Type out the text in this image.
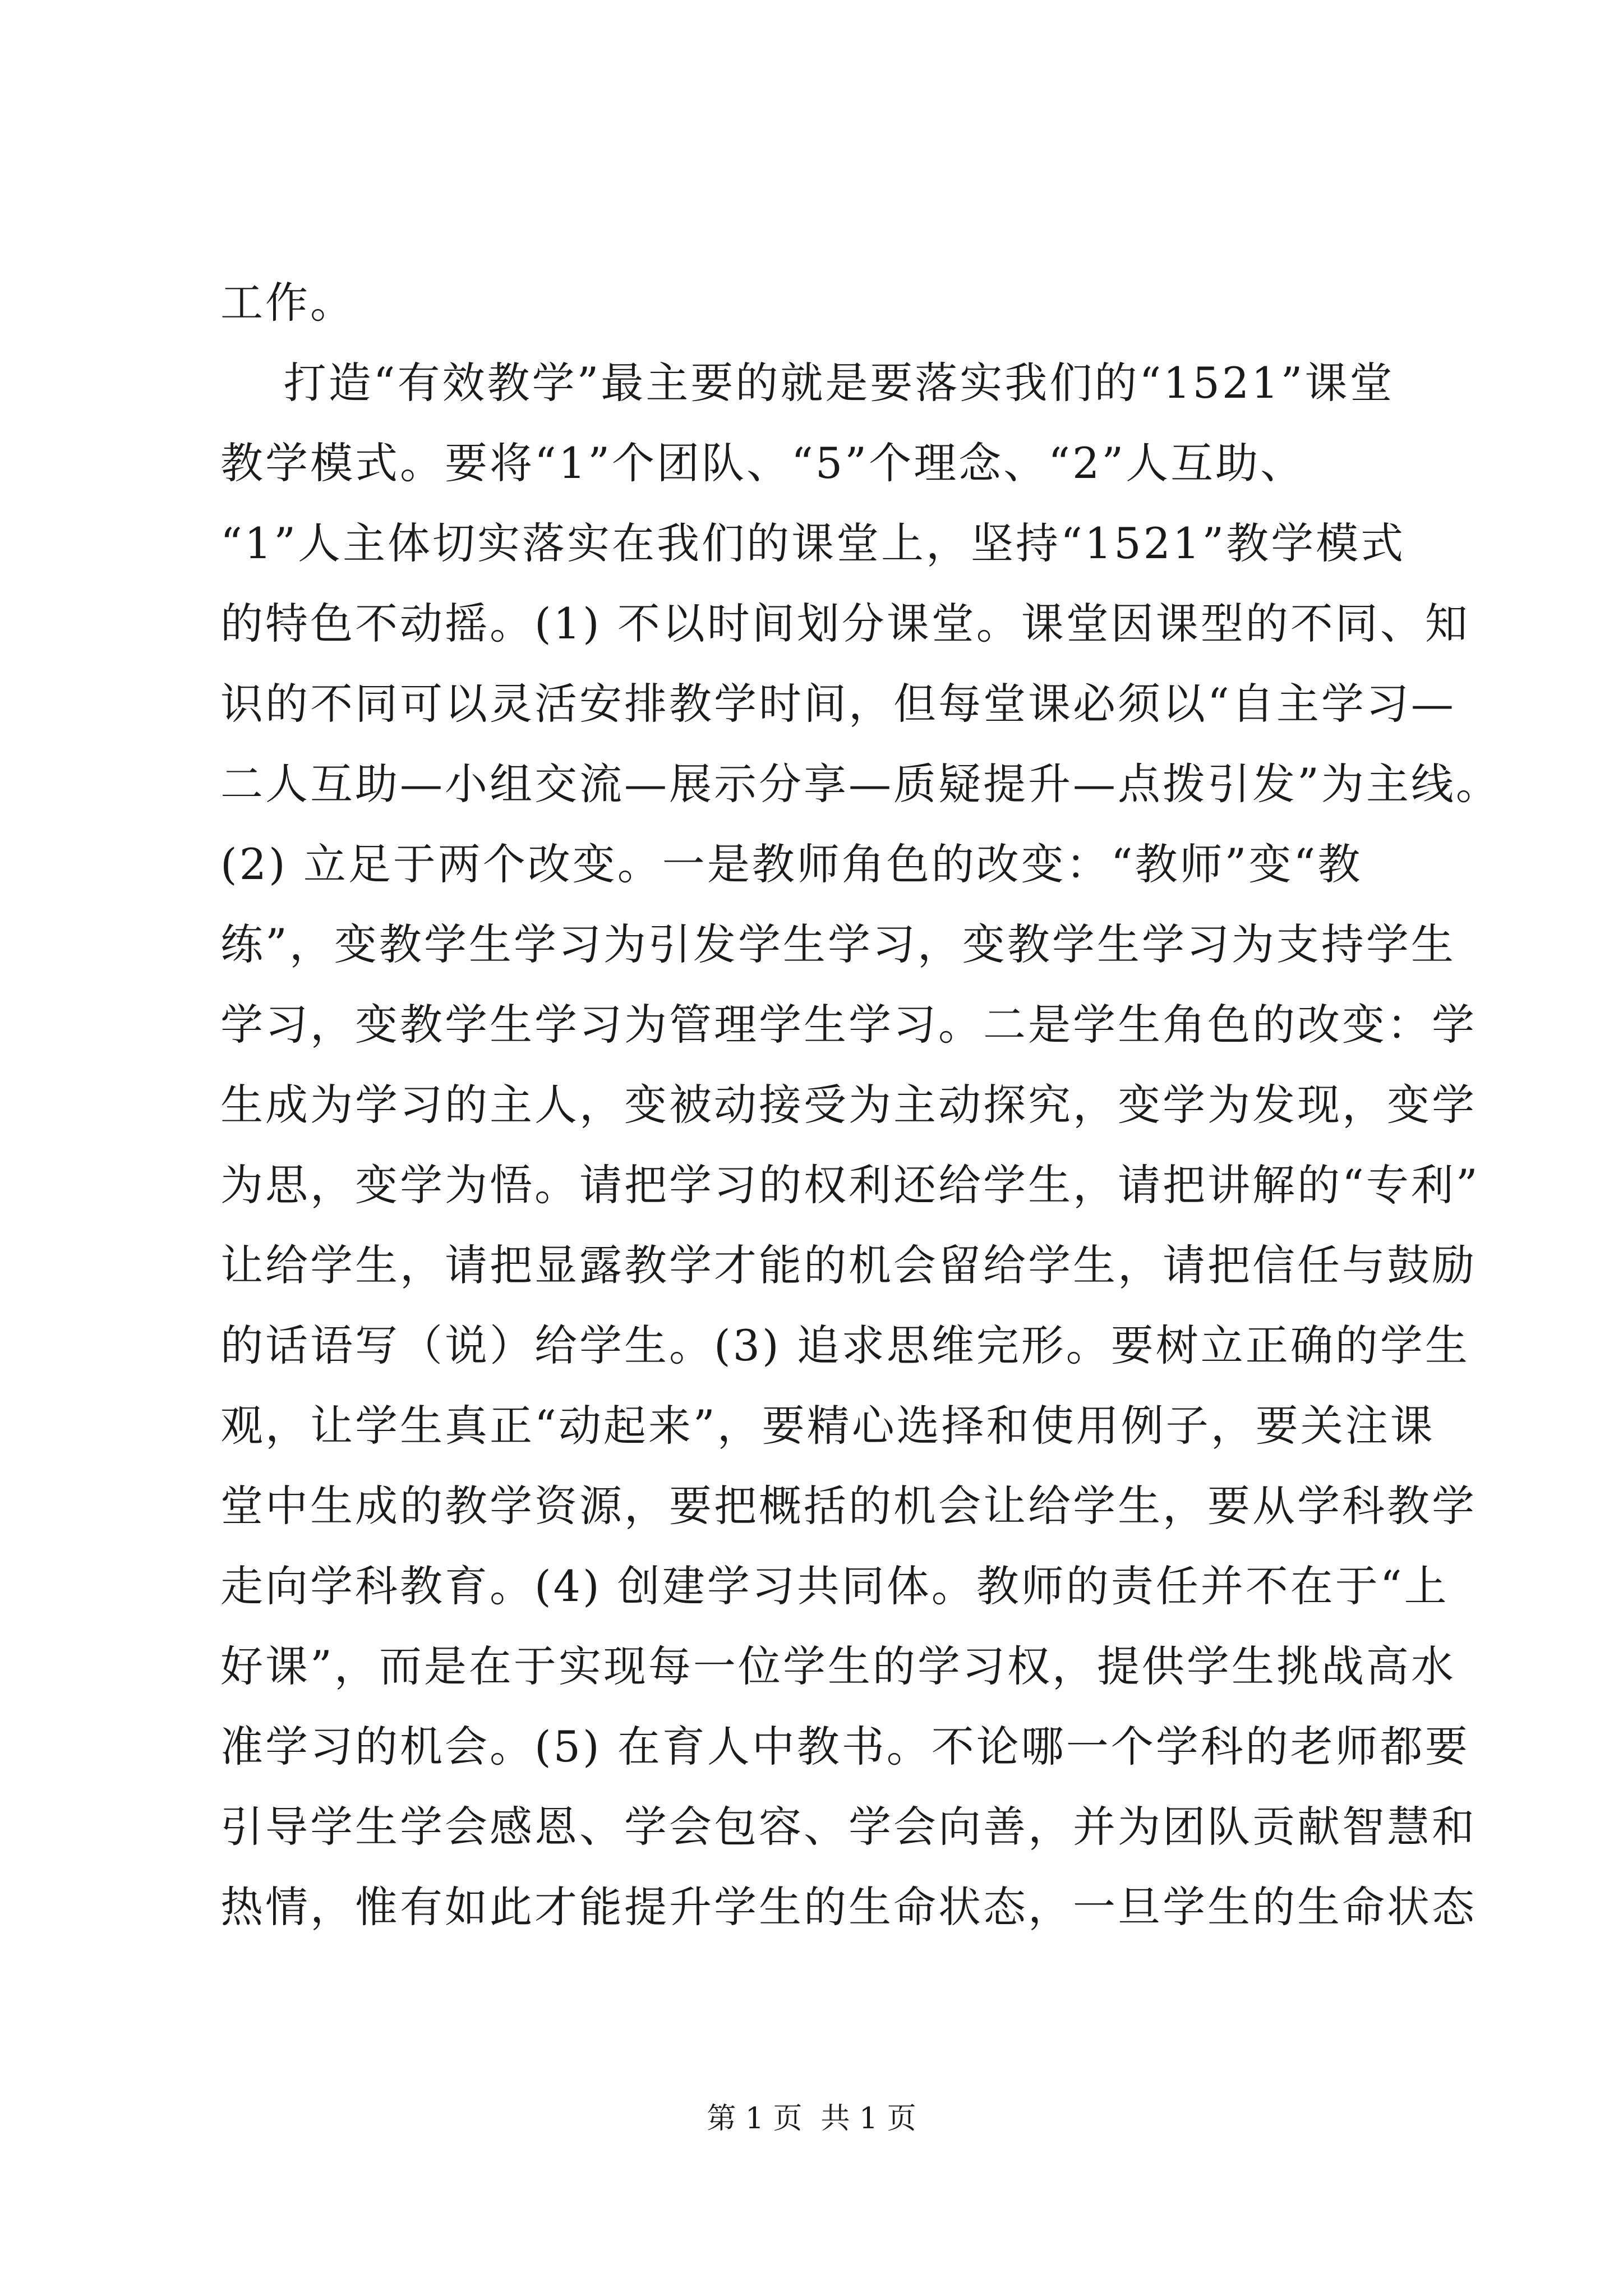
工作。
打造“有效教学”最主要的就是要落实我们的“1521”课堂
教学模式。要将“1”个团队、“5”个理念、“2”人互助、
“1”人主体切实落实在我们的课堂上，坚持“1521”教学模式
的特色不动摇。(1) 不以时间划分课堂。课堂因课型的不同、知
识的不同可以灵活安排教学时间，但每堂课必须以“自主学习—
二人互助—小组交流—展示分享—质疑提升—点拨引发”为主线。
(2) 立足于两个改变。一是教师角色的改变：“教师”变“教
练”，变教学生学习为引发学生学习，变教学生学习为支持学生
学习，变教学生学习为管理学生学习。二是学生角色的改变：学
生成为学习的主人，变被动接受为主动探究，变学为发现，变学
为思，变学为悟。请把学习的权利还给学生，请把讲解的“专利”
让给学生，请把显露教学才能的机会留给学生，请把信任与鼓励
的话语写（说）给学生。(3) 追求思维完形。要树立正确的学生
观，让学生真正“动起来”，要精心选择和使用例子，要关注课
堂中生成的教学资源，要把概括的机会让给学生，要从学科教学
走向学科教育。(4) 创建学习共同体。教师的责任并不在于“上
好课”，而是在于实现每一位学生的学习权，提供学生挑战高水
准学习的机会。(5) 在育人中教书。不论哪一个学科的老师都要
引导学生学会感恩、学会包容、学会向善，并为团队贡献智慧和
热情，惟有如此才能提升学生的生命状态，一旦学生的生命状态
第 1 页  共 1 页
